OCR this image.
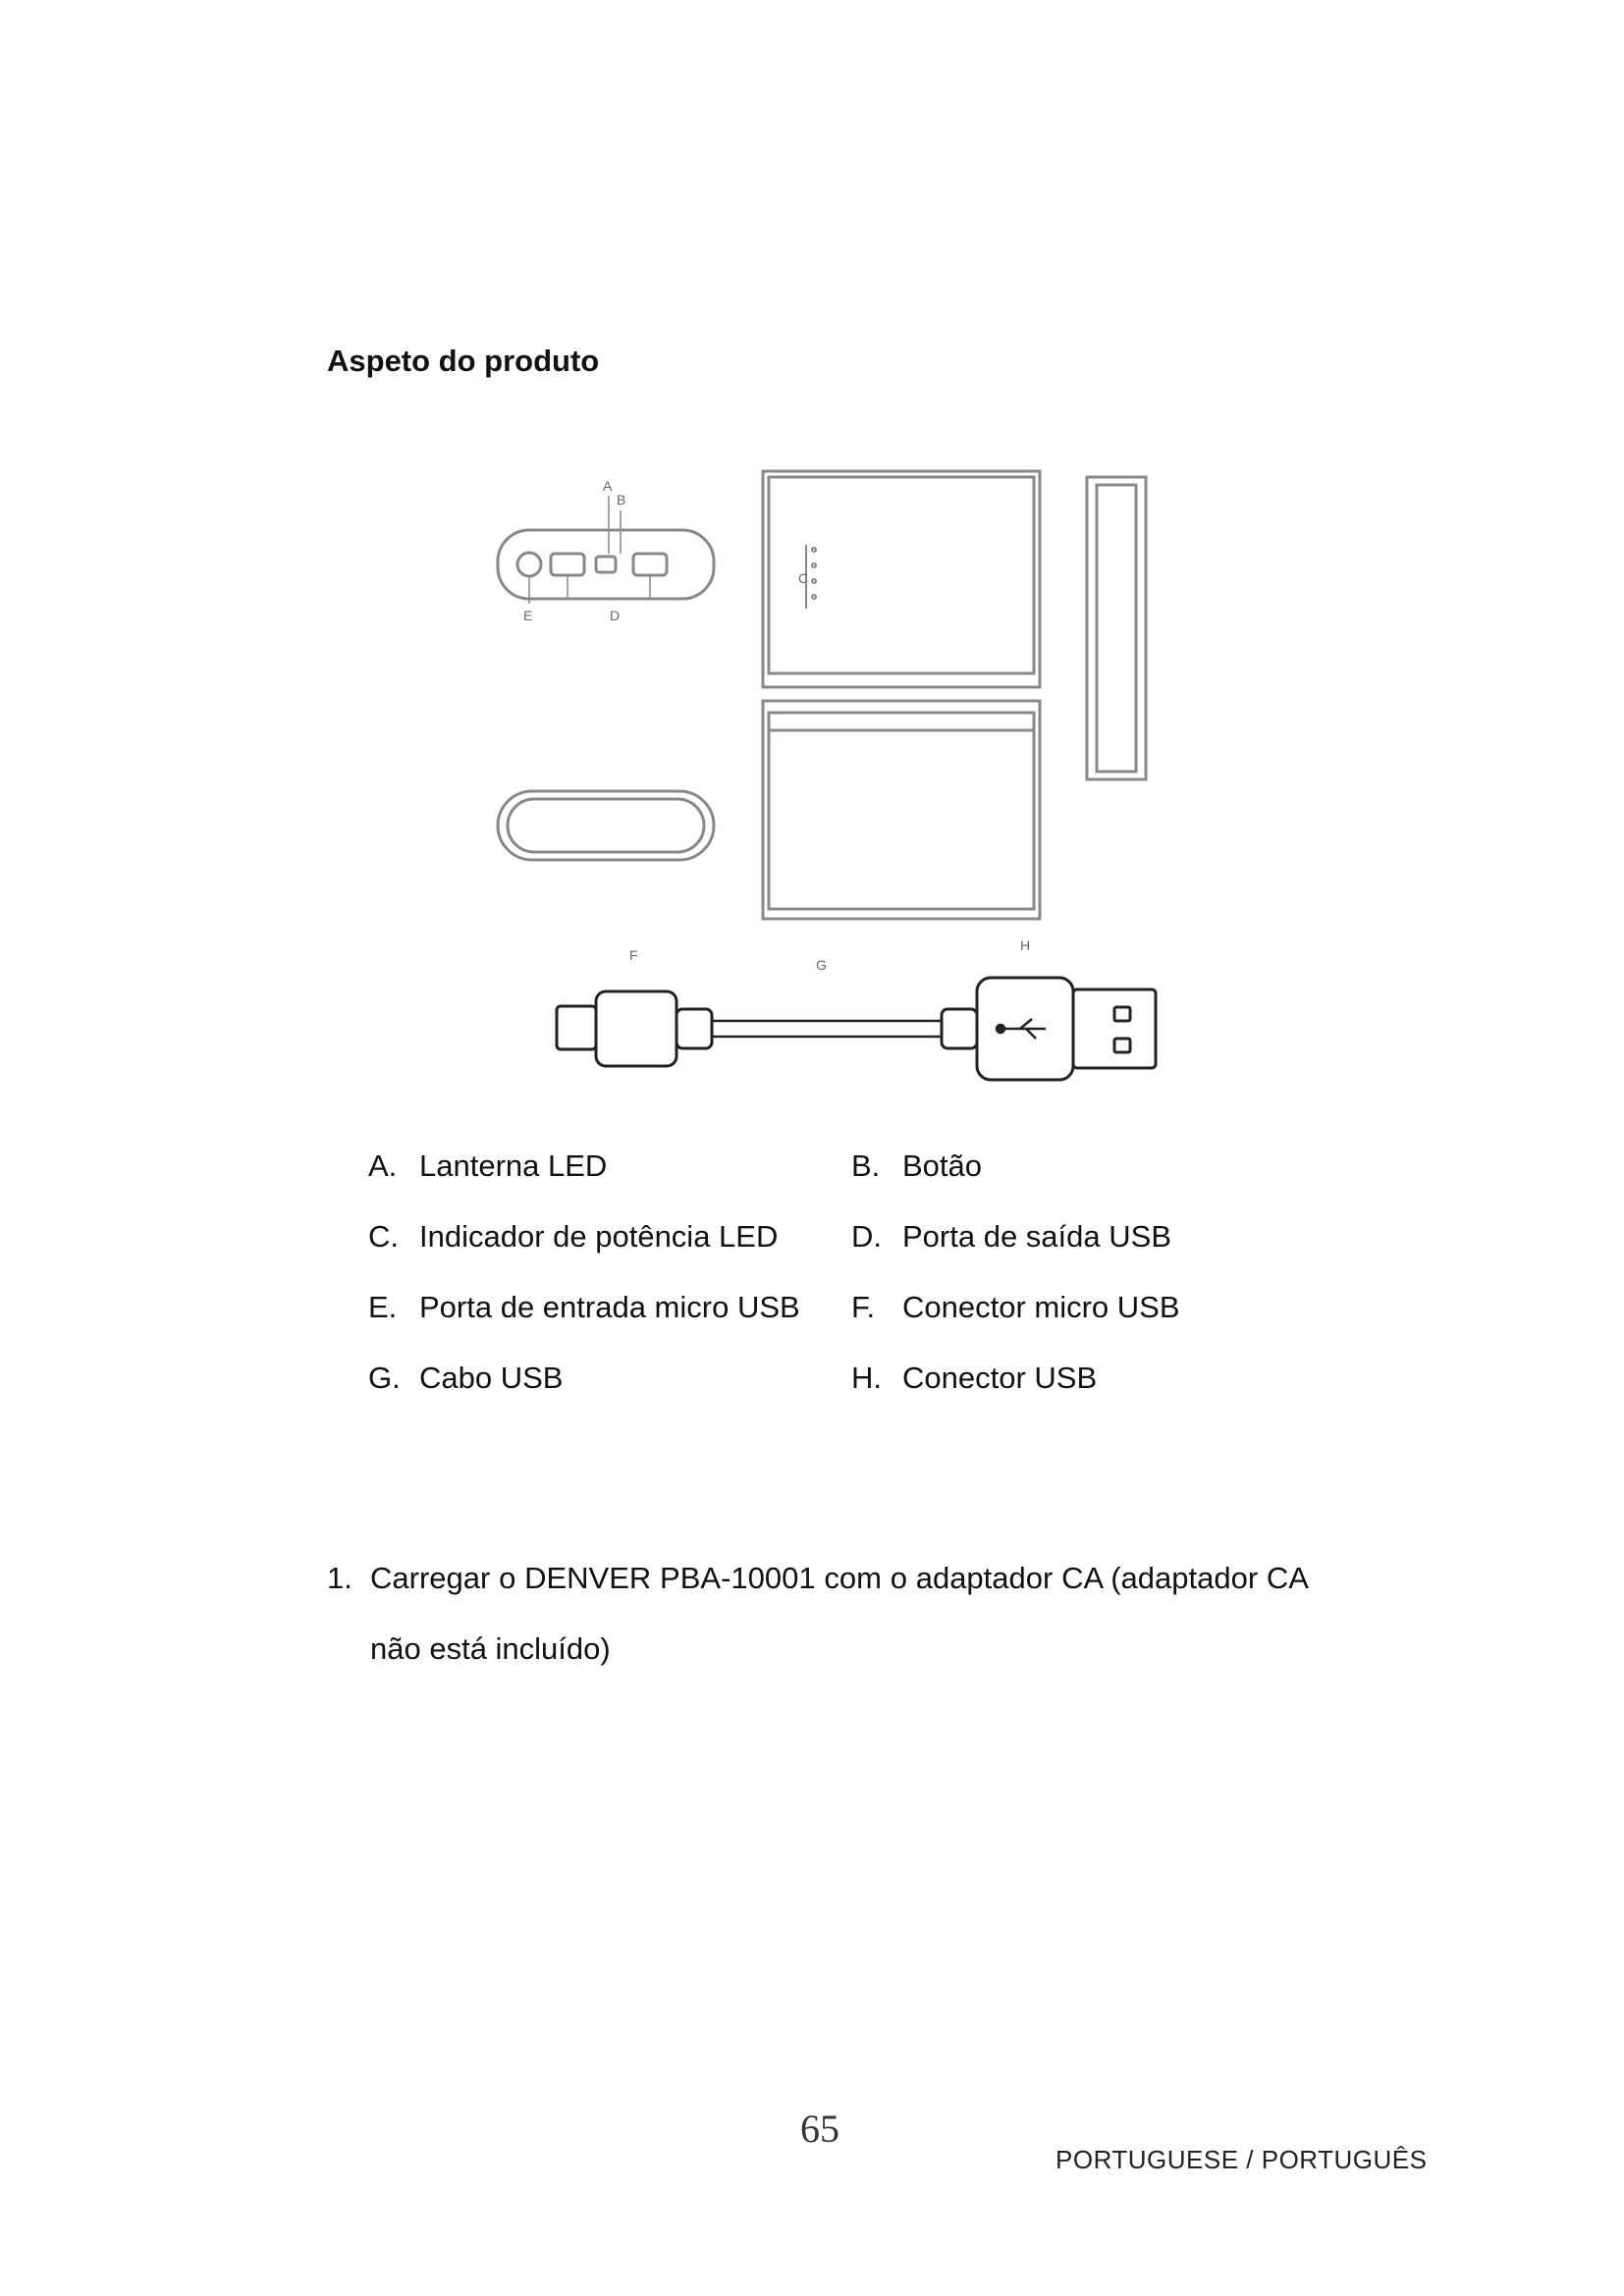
Aspeto do produto
A
B
C
D
E
F
G
H
A. Lanterna LED	B. Botão
C. Indicador de potência LED D. Porta de saída USB
E. Porta de entrada micro USB F. Conector micro USB
G. Cabo USB	H. Conector USB
1. Carregar o DENVER PBA-10001 com o adaptador CA (adaptador CA não está incluído)
65
PORTUGUESE / PORTUGUÊS
